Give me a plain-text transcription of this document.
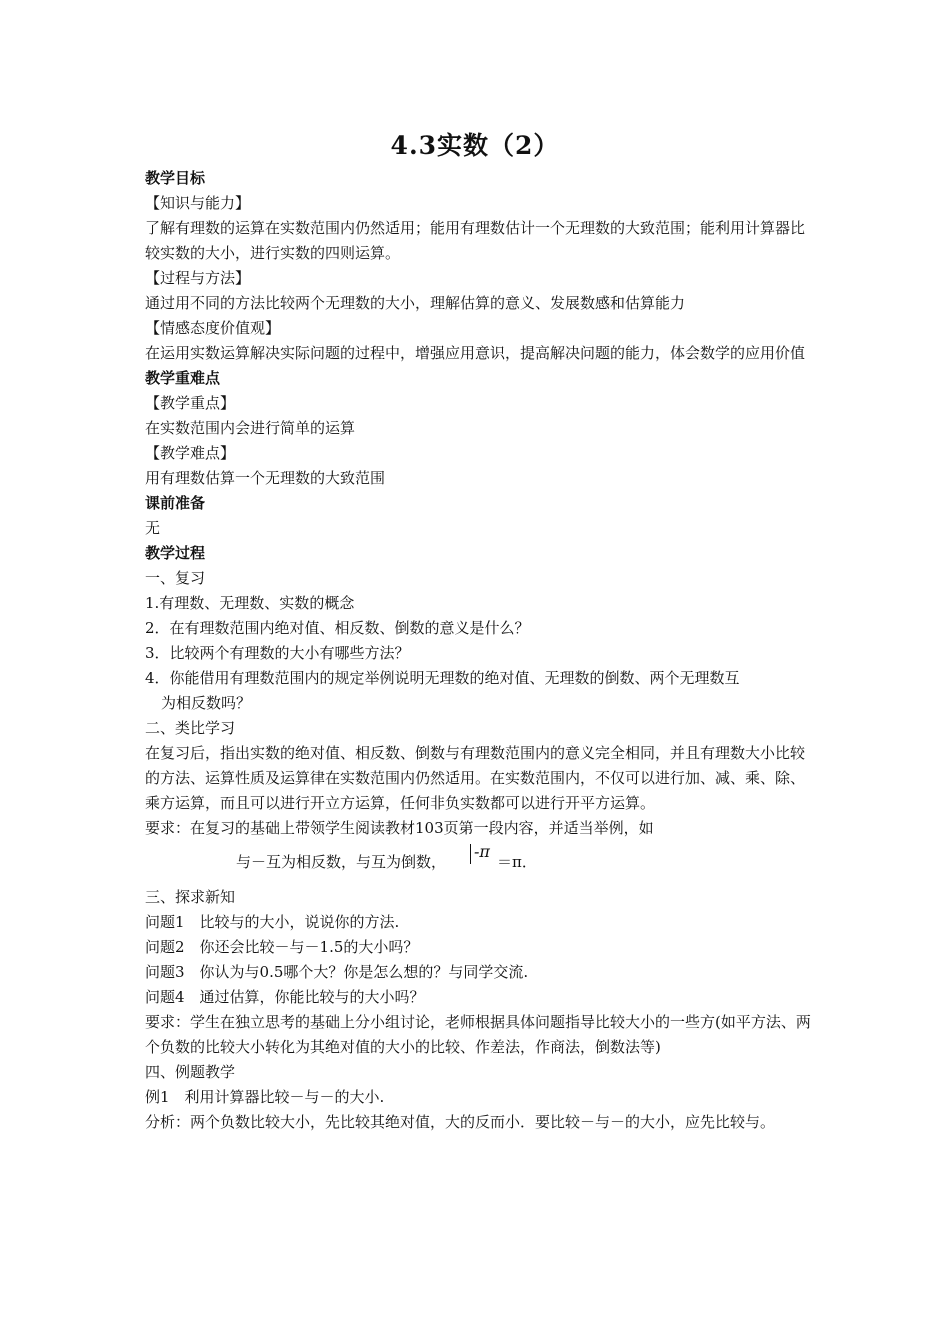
4.3实数（2）

教学目标

【知识与能力】

了解有理数的运算在实数范围内仍然适用；能用有理数估计一个无理数的大致范围；能利用计算器比较实数的大小，进行实数的四则运算。

【过程与方法】

通过用不同的方法比较两个无理数的大小，理解估算的意义、发展数感和估算能力

【情感态度价值观】

在运用实数运算解决实际问题的过程中，增强应用意识，提高解决问题的能力，体会数学的应用价值

教学重难点

【教学重点】

在实数范围内会进行简单的运算

【教学难点】

用有理数估算一个无理数的大致范围

课前准备

无

教学过程

一、复习

1.有理数、无理数、实数的概念

2．在有理数范围内绝对值、相反数、倒数的意义是什么？

3．比较两个有理数的大小有哪些方法？

4．你能借用有理数范围内的规定举例说明无理数的绝对值、无理数的倒数、两个无理数互

为相反数吗？

二、类比学习

在复习后，指出实数的绝对值、相反数、倒数与有理数范围内的意义完全相同，并且有理数大小比较的方法、运算性质及运算律在实数范围内仍然适用。在实数范围内，不仅可以进行加、减、乘、除、乘方运算，而且可以进行开立方运算，任何非负实数都可以进行开平方运算。

要求：在复习的基础上带领学生阅读教材103页第一段内容，并适当举例，如

与－互为相反数，与互为倒数，
-π
＝π．

三、探求新知

问题1　比较与的大小，说说你的方法.

问题2　你还会比较－与－1.5的大小吗？

问题3　你认为与0.5哪个大？你是怎么想的？与同学交流.

问题4　通过估算，你能比较与的大小吗？

要求：学生在独立思考的基础上分小组讨论，老师根据具体问题指导比较大小的一些方(如平方法、两个负数的比较大小转化为其绝对值的大小的比较、作差法，作商法，倒数法等)

四、例题教学

例1　利用计算器比较－与－的大小.

分析：两个负数比较大小，先比较其绝对值，大的反而小．要比较－与－的大小，应先比较与。
